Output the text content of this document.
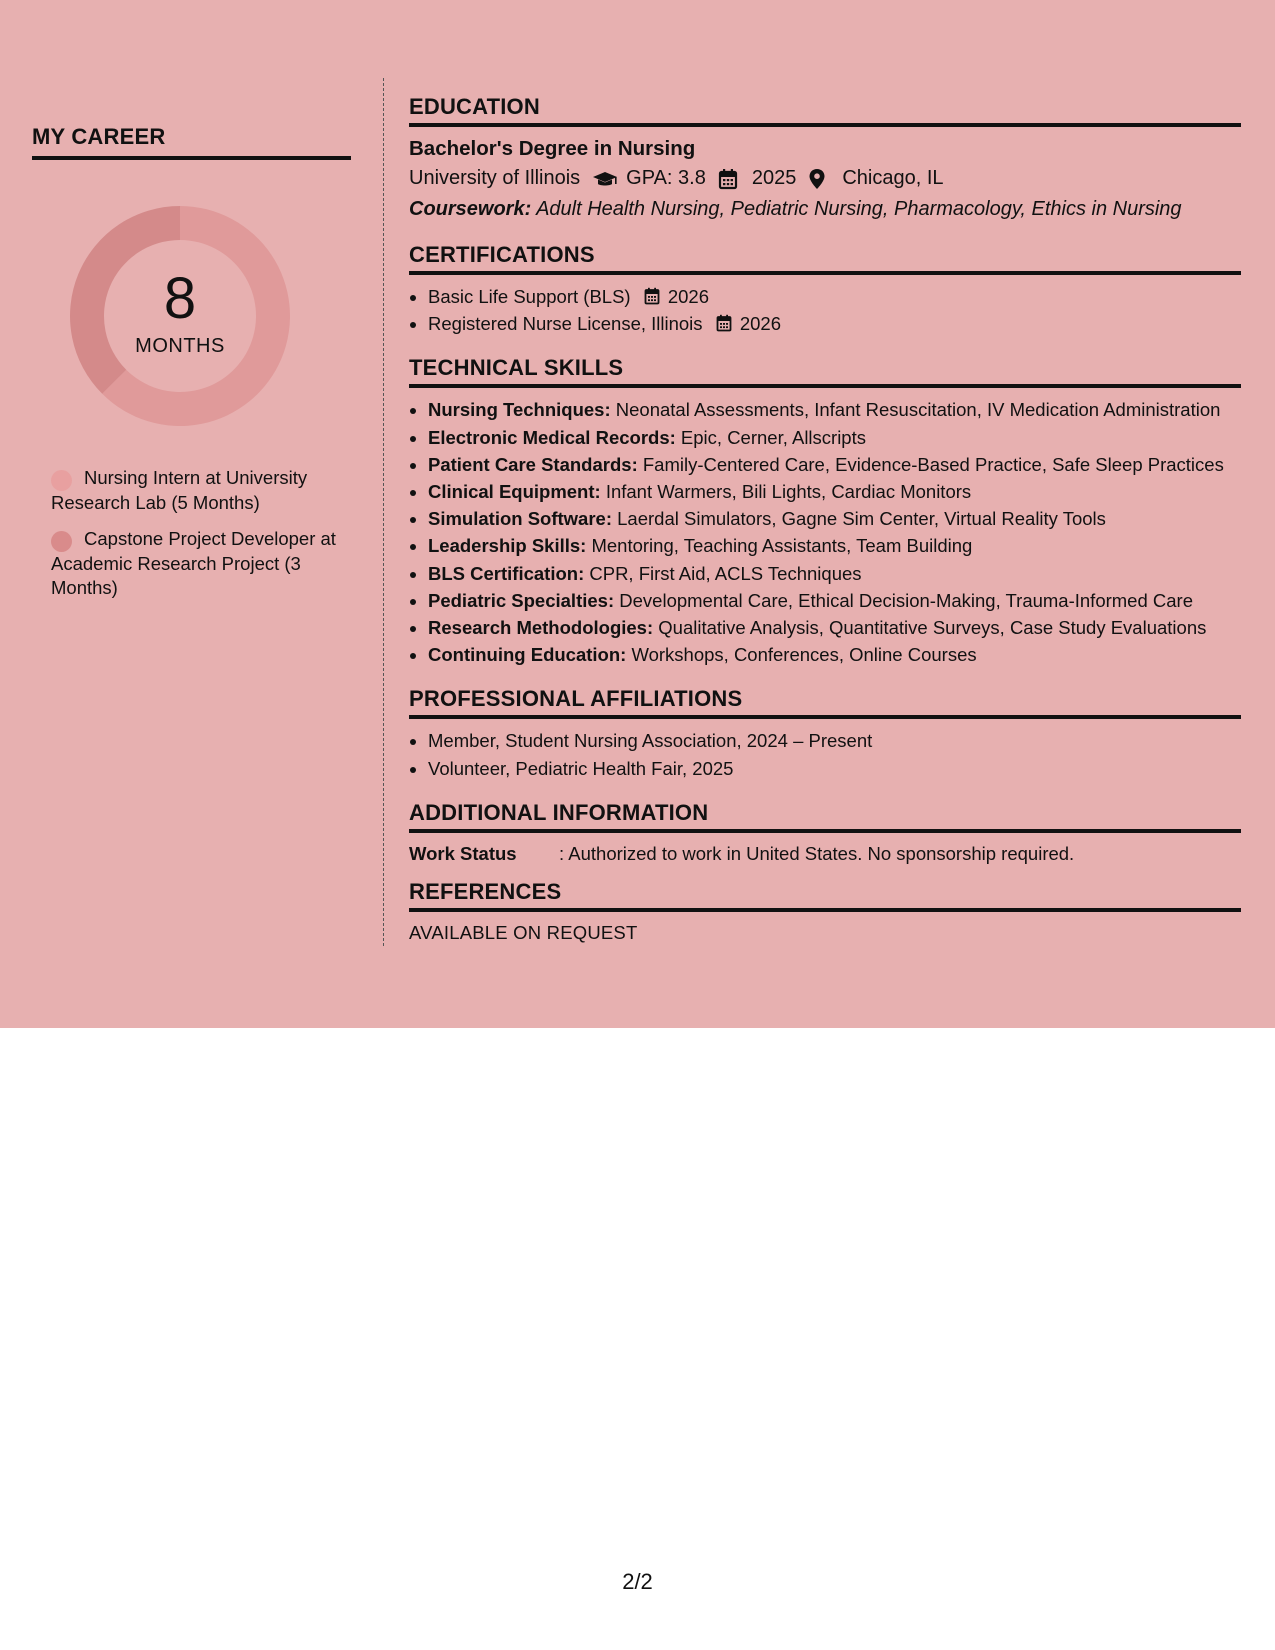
MY CAREER
8
MONTHS
Nursing Intern at University Research Lab (5 Months)
Capstone Project Developer at Academic Research Project (3 Months)
EDUCATION
Bachelor's Degree in Nursing
University of Illinois GPA: 3.8 2025 Chicago, IL
Coursework: Adult Health Nursing, Pediatric Nursing, Pharmacology, Ethics in Nursing
CERTIFICATIONS
• Basic Life Support (BLS) 2026
• Registered Nurse License, Illinois 2026
TECHNICAL SKILLS
• Nursing Techniques: Neonatal Assessments, Infant Resuscitation, IV Medication Administration
• Electronic Medical Records: Epic, Cerner, Allscripts
• Patient Care Standards: Family-Centered Care, Evidence-Based Practice, Safe Sleep Practices
• Clinical Equipment: Infant Warmers, Bili Lights, Cardiac Monitors
• Simulation Software: Laerdal Simulators, Gagne Sim Center, Virtual Reality Tools
• Leadership Skills: Mentoring, Teaching Assistants, Team Building
• BLS Certification: CPR, First Aid, ACLS Techniques
• Pediatric Specialties: Developmental Care, Ethical Decision-Making, Trauma-Informed Care
• Research Methodologies: Qualitative Analysis, Quantitative Surveys, Case Study Evaluations
• Continuing Education: Workshops, Conferences, Online Courses
PROFESSIONAL AFFILIATIONS
• Member, Student Nursing Association, 2024 – Present
• Volunteer, Pediatric Health Fair, 2025
ADDITIONAL INFORMATION
Work Status	: Authorized to work in United States. No sponsorship required.
REFERENCES
AVAILABLE ON REQUEST
2/2
